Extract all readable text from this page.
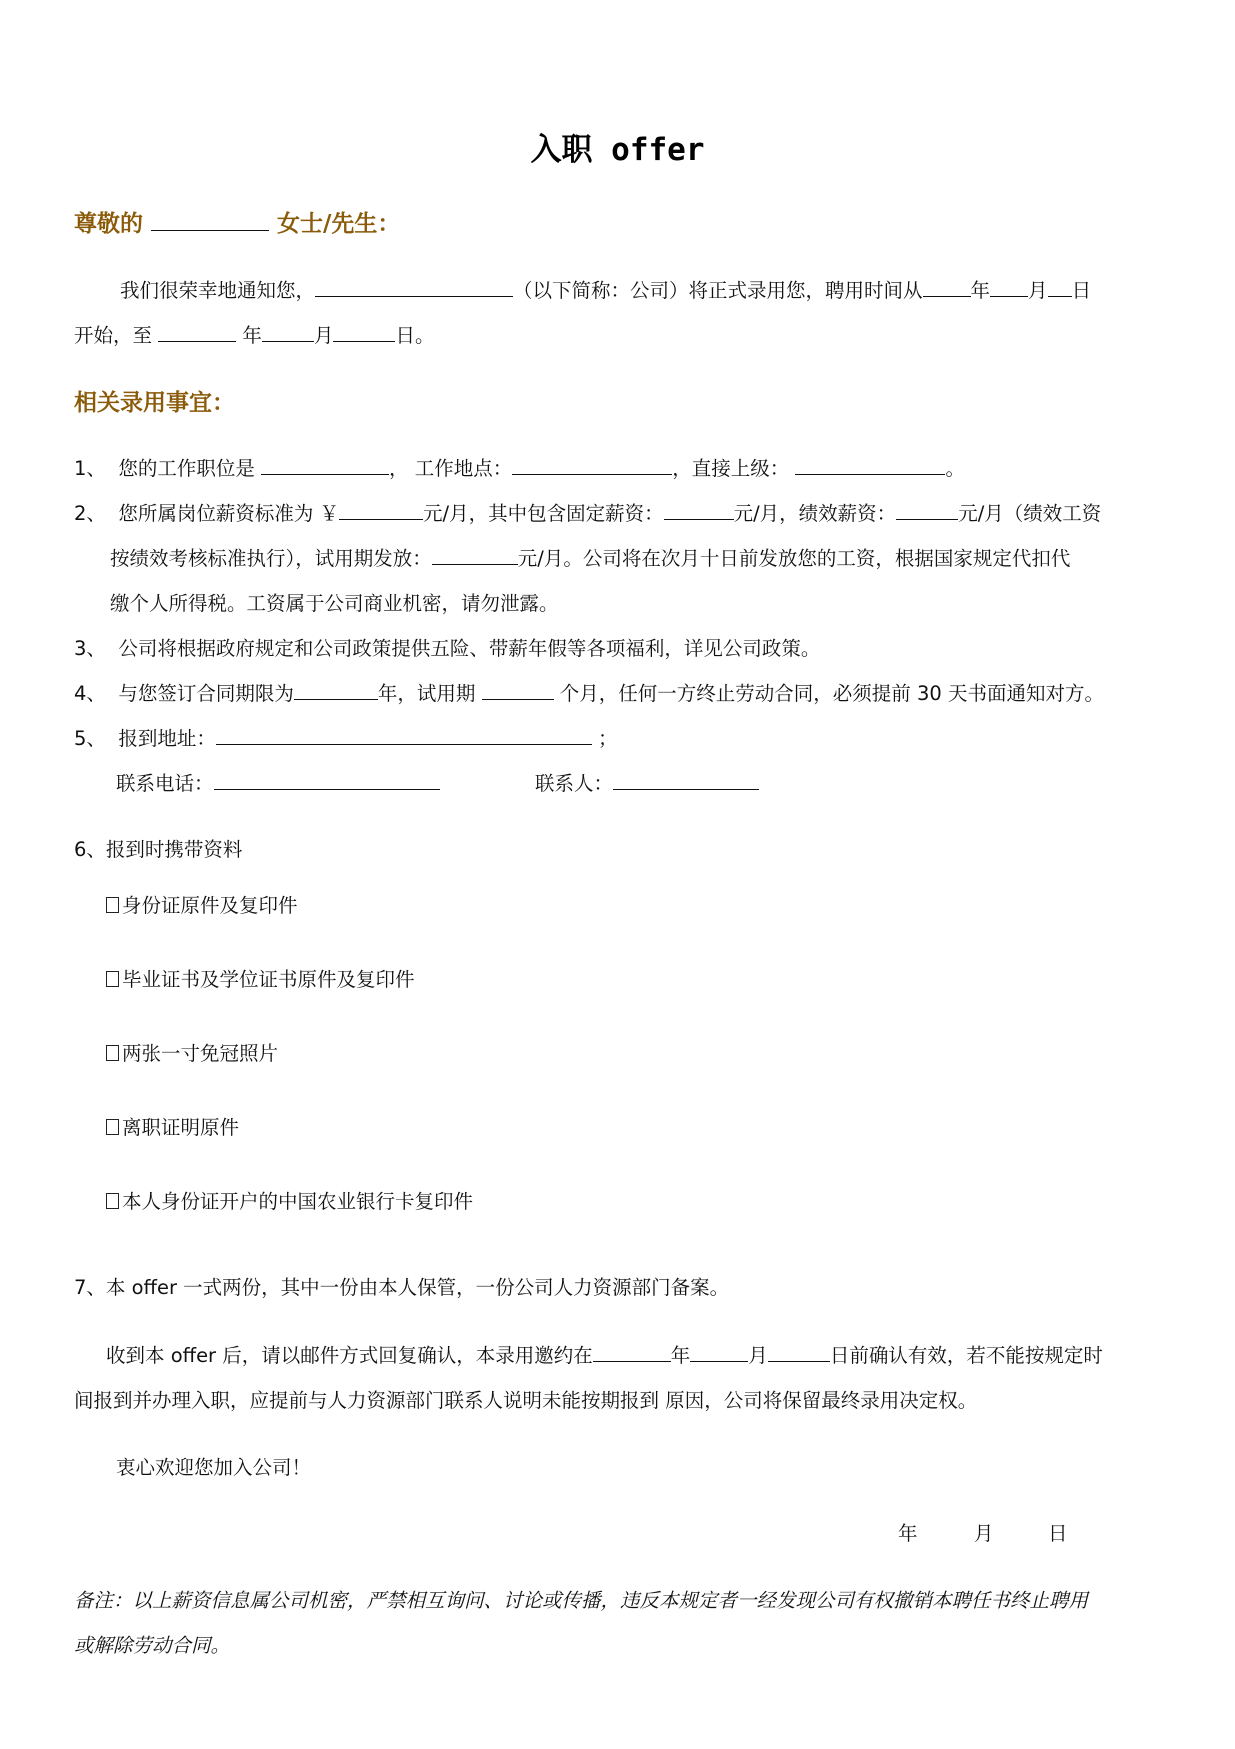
入职 offer
尊敬的	女士/先生：
我们很荣幸地通知您，	（以下简称：公司）将正式录用您，聘用时间从 年 月 日
开始，至	年	月	日。
相关录用事宜：
1、 您的工作职位是	， 工作地点：	，直接上级：	。
2、 您所属岗位薪资标准为 ￥	元/月，其中包含固定薪资：	元/月，绩效薪资：	元/月（绩效工资
按绩效考核标准执行），试用期发放：	元/月。公司将在次月十日前发放您的工资，根据国家规定代扣代
缴个人所得税。工资属于公司商业机密，请勿泄露。
3、 公司将根据政府规定和公司政策提供五险、带薪年假等各项福利，详见公司政策。
4、 与您签订合同期限为	年，试用期	个月，任何一方终止劳动合同，必须提前 30 天书面通知对方。
5、 报到地址：	；
联系电话：	联系人：
6、报到时携带资料
身份证原件及复印件
毕业证书及学位证书原件及复印件
两张一寸免冠照片
离职证明原件
本人身份证开户的中国农业银行卡复印件
7、本 offer 一式两份，其中一份由本人保管，一份公司人力资源部门备案。
收到本 offer 后，请以邮件方式回复确认，本录用邀约在	年	月	日前确认有效，若不能按规定时
间报到并办理入职，应提前与人力资源部门联系人说明未能按期报到 原因，公司将保留最终录用决定权。
衷心欢迎您加入公司！
年	月	日
备注：以上薪资信息属公司机密，严禁相互询问、讨论或传播，违反本规定者一经发现公司有权撤销本聘任书终止聘用
或解除劳动合同。
